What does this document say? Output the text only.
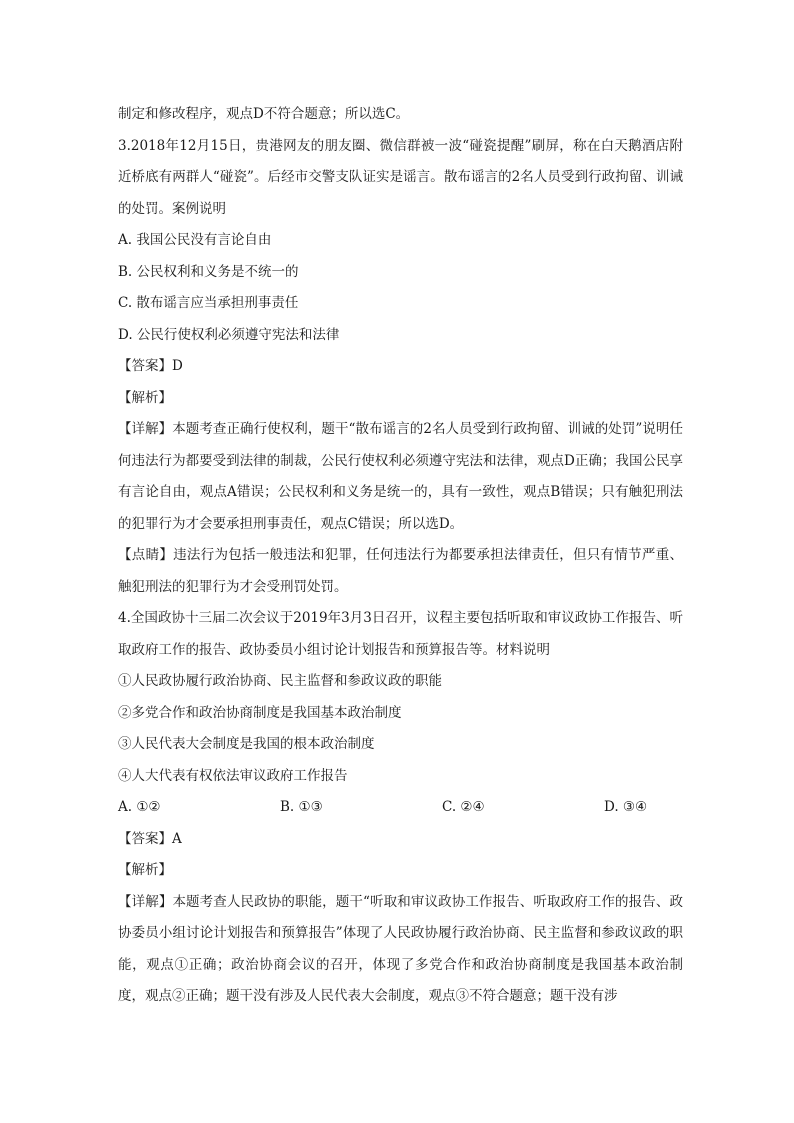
制定和修改程序，观点D不符合题意；所以选C。
3.2018年12月15日，贵港网友的朋友圈、微信群被一波“碰瓷提醒”刷屏，称在白天鹅酒店附近桥底有两群人“碰瓷”。后经市交警支队证实是谣言。散布谣言的2名人员受到行政拘留、训诫的处罚。案例说明
A. 我国公民没有言论自由
B. 公民权利和义务是不统一的
C. 散布谣言应当承担刑事责任
D. 公民行使权利必须遵守宪法和法律
【答案】D
【解析】
【详解】本题考查正确行使权利，题干“散布谣言的2名人员受到行政拘留、训诫的处罚”说明任何违法行为都要受到法律的制裁，公民行使权利必须遵守宪法和法律，观点D正确；我国公民享有言论自由，观点A错误；公民权利和义务是统一的，具有一致性，观点B错误；只有触犯刑法的犯罪行为才会要承担刑事责任，观点C错误；所以选D。
【点睛】违法行为包括一般违法和犯罪，任何违法行为都要承担法律责任，但只有情节严重、触犯刑法的犯罪行为才会受刑罚处罚。
4.全国政协十三届二次会议于2019年3月3日召开，议程主要包括听取和审议政协工作报告、听取政府工作的报告、政协委员小组讨论计划报告和预算报告等。材料说明
①人民政协履行政治协商、民主监督和参政议政的职能
②多党合作和政治协商制度是我国基本政治制度
③人民代表大会制度是我国的根本政治制度
④人大代表有权依法审议政府工作报告
A. ①②	B. ①③	C. ②④	D. ③④
【答案】A
【解析】
【详解】本题考查人民政协的职能，题干“听取和审议政协工作报告、听取政府工作的报告、政协委员小组讨论计划报告和预算报告”体现了人民政协履行政治协商、民主监督和参政议政的职能，观点①正确；政治协商会议的召开，体现了多党合作和政治协商制度是我国基本政治制度，观点②正确；题干没有涉及人民代表大会制度，观点③不符合题意；题干没有涉
